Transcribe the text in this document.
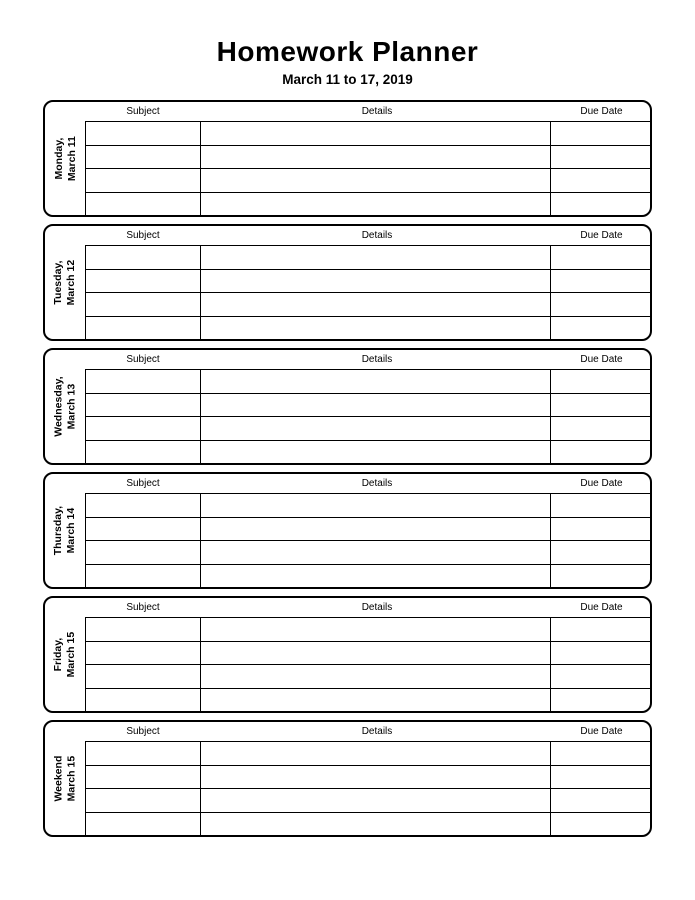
Homework Planner
March 11 to 17, 2019
Monday, March 11
Subject	Details	Due Date
Tuesday, March 12
Subject	Details	Due Date
Wednesday, March 13
Subject	Details	Due Date
Thursday, March 14
Subject	Details	Due Date
Friday, March 15
Subject	Details	Due Date
Weekend March 15
Subject	Details	Due Date
